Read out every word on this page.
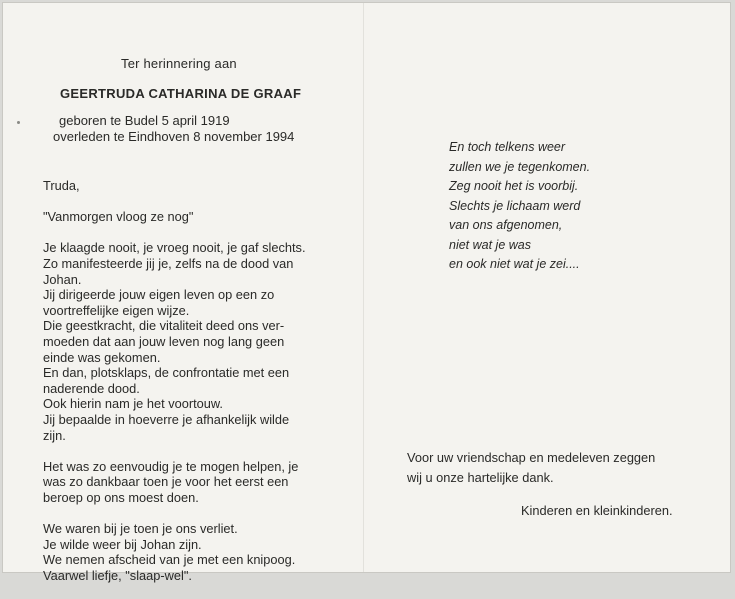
Ter herinnering aan
GEERTRUDA CATHARINA DE GRAAF
geboren te Budel 5 april 1919
overleden te Eindhoven 8 november 1994
Truda,
"Vanmorgen vloog ze nog"
Je klaagde nooit, je vroeg nooit, je gaf slechts.
Zo manifesteerde jij je, zelfs na de dood van
Johan.
Jij dirigeerde jouw eigen leven op een zo
voortreffelijke eigen wijze.
Die geestkracht, die vitaliteit deed ons ver-
moeden dat aan jouw leven nog lang geen
einde was gekomen.
En dan, plotsklaps, de confrontatie met een
naderende dood.
Ook hierin nam je het voortouw.
Jij bepaalde in hoeverre je afhankelijk wilde
zijn.
Het was zo eenvoudig je te mogen helpen, je
was zo dankbaar toen je voor het eerst een
beroep op ons moest doen.
We waren bij je toen je ons verliet.
Je wilde weer bij Johan zijn.
We nemen afscheid van je met een knipoog.
Vaarwel liefje, "slaap-wel".
En toch telkens weer
zullen we je tegenkomen.
Zeg nooit het is voorbij.
Slechts je lichaam werd
van ons afgenomen,
niet wat je was
en ook niet wat je zei....
Voor uw vriendschap en medeleven zeggen
wij u onze hartelijke dank.
Kinderen en kleinkinderen.
